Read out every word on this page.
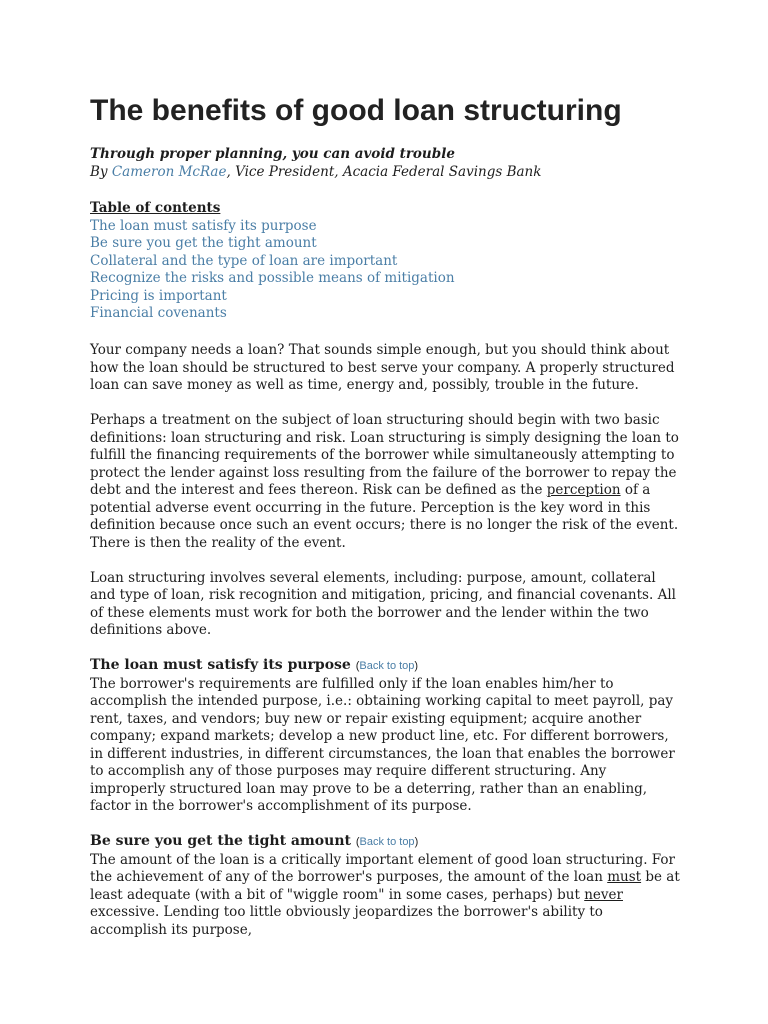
The benefits of good loan structuring
Through proper planning, you can avoid trouble
By Cameron McRae, Vice President, Acacia Federal Savings Bank
Table of contents
The loan must satisfy its purpose
Be sure you get the tight amount
Collateral and the type of loan are important
Recognize the risks and possible means of mitigation
Pricing is important
Financial covenants

Your company needs a loan? That sounds simple enough, but you should think about how the loan should be structured to best serve your company. A properly structured loan can save money as well as time, energy and, possibly, trouble in the future.

Perhaps a treatment on the subject of loan structuring should begin with two basic definitions: loan structuring and risk. Loan structuring is simply designing the loan to fulfill the financing requirements of the borrower while simultaneously attempting to protect the lender against loss resulting from the failure of the borrower to repay the debt and the interest and fees thereon. Risk can be defined as the perception of a potential adverse event occurring in the future. Perception is the key word in this definition because once such an event occurs; there is no longer the risk of the event. There is then the reality of the event.

Loan structuring involves several elements, including: purpose, amount, collateral and type of loan, risk recognition and mitigation, pricing, and financial covenants. All of these elements must work for both the borrower and the lender within the two definitions above.

The loan must satisfy its purpose (Back to top)

The borrower's requirements are fulfilled only if the loan enables him/her to accomplish the intended purpose, i.e.: obtaining working capital to meet payroll, pay rent, taxes, and vendors; buy new or repair existing equipment; acquire another company; expand markets; develop a new product line, etc. For different borrowers, in different industries, in different circumstances, the loan that enables the borrower to accomplish any of those purposes may require different structuring. Any improperly structured loan may prove to be a deterring, rather than an enabling, factor in the borrower's accomplishment of its purpose.

Be sure you get the tight amount (Back to top)

The amount of the loan is a critically important element of good loan structuring. For the achievement of any of the borrower's purposes, the amount of the loan must be at least adequate (with a bit of "wiggle room" in some cases, perhaps) but never excessive. Lending too little obviously jeopardizes the borrower's ability to accomplish its purpose,
